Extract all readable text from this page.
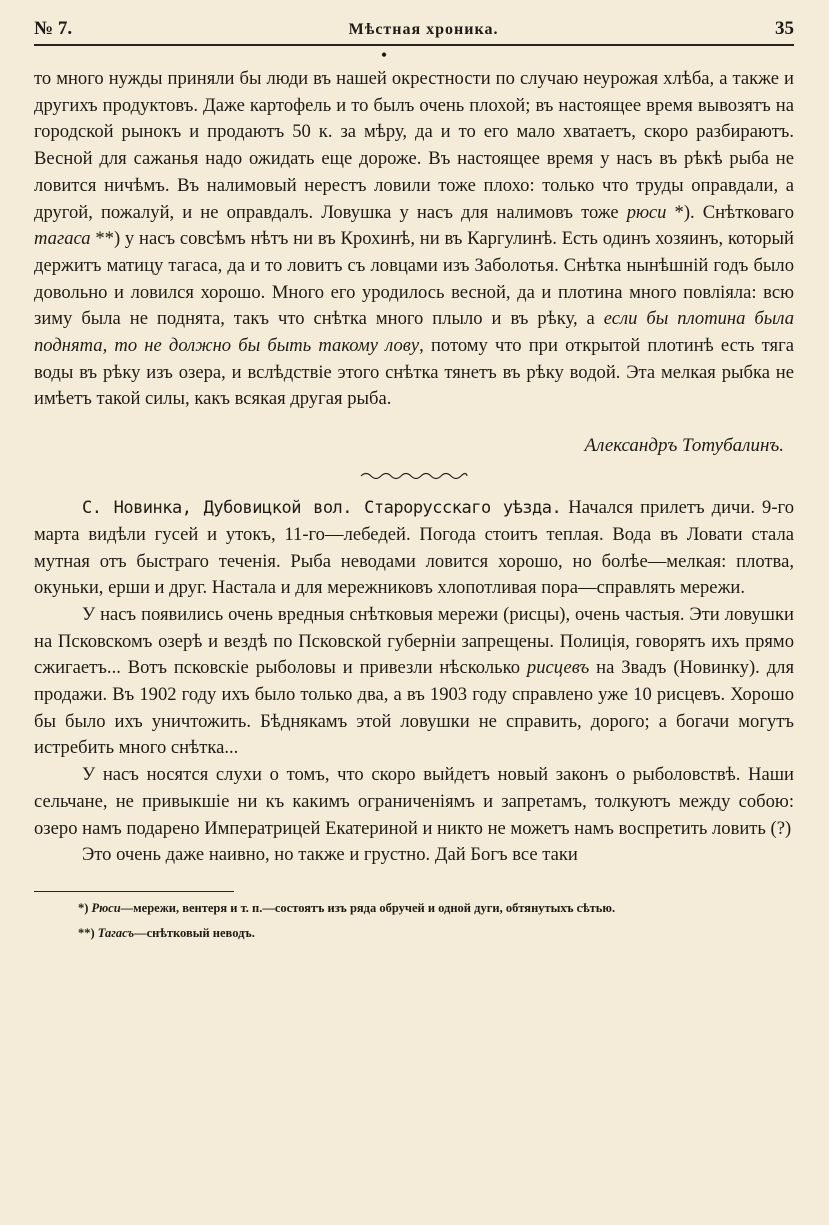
№ 7.	Мѣстная хроника.	35
•

то много нужды приняли бы люди въ нашей окрестности по случаю неурожая хлѣба, а также и другихъ продуктовъ. Даже картофель и то былъ очень плохой; въ настоящее время вывозятъ на городской рынокъ и продаютъ 50 к. за мѣру, да и то его мало хватаетъ, скоро разбираютъ. Весной для сажанья надо ожидать еще дороже. Въ настоящее время у насъ въ рѣкѣ рыба не ловится ничѣмъ. Въ налимовый нерестъ ловили тоже плохо: только что труды оправдали, а другой, пожалуй, и не оправдалъ. Ловушка у насъ для налимовъ тоже рюси *). Снѣтковаго тагаса **) у насъ совсѣмъ нѣтъ ни въ Крохинѣ, ни въ Каргулинѣ. Есть одинъ хозяинъ, который держитъ матицу тагаса, да и то ловитъ съ ловцами изъ Заболотья. Снѣтка нынѣшній годъ было довольно и ловился хорошо. Много его уродилось весной, да и плотина много повліяла: всю зиму была не поднята, такъ что снѣтка много плыло и въ рѣку, а если бы плотина была поднята, то не должно бы быть такому лову, потому что при открытой плотинѣ есть тяга воды въ рѣку изъ озера, и вслѣдствіе этого снѣтка тянетъ въ рѣку водой. Эта мелкая рыбка не имѣетъ такой силы, какъ всякая другая рыба.

Александръ Тотубалинъ.

С. Новинка, Дубовицкой вол. Старорусскаго уѣзда. Начался прилетъ дичи. 9-го марта видѣли гусей и утокъ, 11-го—лебедей. Погода стоитъ теплая. Вода въ Ловати стала мутная отъ быстраго теченія. Рыба неводами ловится хорошо, но болѣе—мелкая: плотва, окуньки, ерши и друг. Настала и для мережниковъ хлопотливая пора—справлять мережи.

У насъ появились очень вредныя снѣтковыя мережи (рисцы), очень частыя. Эти ловушки на Псковскомъ озерѣ и вездѣ по Псковской губерніи запрещены. Полиція, говорятъ ихъ прямо сжигаетъ... Вотъ псковскіе рыболовы и привезли нѣсколько рисцевъ на Звадъ (Новинку). для продажи. Въ 1902 году ихъ было только два, а въ 1903 году справлено уже 10 рисцевъ. Хорошо бы было ихъ уничтожить. Бѣднякамъ этой ловушки не справить, дорого; а богачи могутъ истребить много снѣтка...

У насъ носятся слухи о томъ, что скоро выйдетъ новый законъ о рыболовствѣ. Наши сельчане, не привыкшіе ни къ какимъ ограниченіямъ и запретамъ, толкуютъ между собою: озеро намъ подарено Императрицей Екатериной и никто не можетъ намъ воспретить ловить (?)

Это очень даже наивно, но также и грустно. Дай Богъ все таки

*) Рюси—мережи, вентеря и т. п.—состоятъ изъ ряда обручей и одной дуги, обтянутыхъ сѣтью.
**) Тагасъ—снѣтковый неводъ.
